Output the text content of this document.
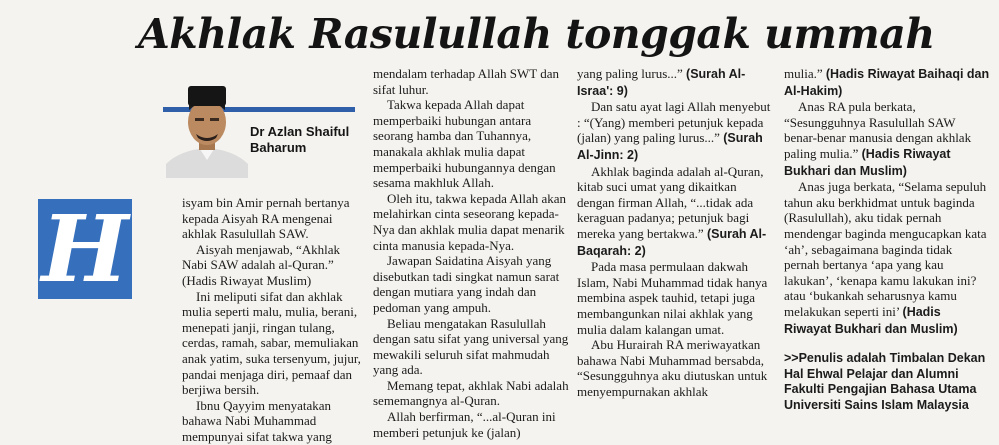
Akhlak Rasulullah tonggak ummah
Dr Azlan Shaiful
Baharum
H	isyam bin Amir pernah bertanya kepada Aisyah RA mengenai akhlak Rasulullah SAW.

Aisyah menjawab, “Akhlak Nabi SAW adalah al-Quran.” (Hadis Riwayat Muslim)

Ini meliputi sifat dan akhlak mulia seperti malu, mulia, berani, menepati janji, ringan tulang, cerdas, ramah, sabar, memuliakan anak yatim, suka tersenyum, jujur, pandai menjaga diri, pemaaf dan berjiwa bersih.

Ibnu Qayyim menyatakan bahawa Nabi Muhammad mempunyai sifat takwa yang

mendalam terhadap Allah SWT dan sifat luhur.

Takwa kepada Allah dapat memperbaiki hubungan antara seorang hamba dan Tuhannya, manakala akhlak mulia dapat memperbaiki hubungannya dengan sesama makhluk Allah.

Oleh itu, takwa kepada Allah akan melahirkan cinta seseorang kepada-Nya dan akhlak mulia dapat menarik cinta manusia kepada-Nya.

Jawapan Saidatina Aisyah yang disebutkan tadi singkat namun sarat dengan mutiara yang indah dan pedoman yang ampuh.

Beliau mengatakan Rasulullah dengan satu sifat yang universal yang mewakili seluruh sifat mahmudah yang ada.

Memang tepat, akhlak Nabi adalah sememangnya al-Quran.

Allah berfirman, “...al-Quran ini memberi petunjuk ke (jalan)

yang paling lurus...” (Surah Al-Israa': 9)

Dan satu ayat lagi Allah menyebut : “(Yang) memberi petunjuk kepada (jalan) yang paling lurus...” (Surah Al-Jinn: 2)

Akhlak baginda adalah al-Quran, kitab suci umat yang dikaitkan dengan firman Allah, “...tidak ada keraguan padanya; petunjuk bagi mereka yang bertakwa.” (Surah Al-Baqarah: 2)

Pada masa permulaan dakwah Islam, Nabi Muhammad tidak hanya membina aspek tauhid, tetapi juga membangunkan nilai akhlak yang mulia dalam kalangan umat.

Abu Hurairah RA meriwayatkan bahawa Nabi Muhammad bersabda, “Sesungguhnya aku diutuskan untuk menyempurnakan akhlak

mulia.” (Hadis Riwayat Baihaqi dan Al-Hakim)

Anas RA pula berkata, “Sesungguhnya Rasulullah SAW benar-benar manusia dengan akhlak paling mulia.” (Hadis Riwayat Bukhari dan Muslim)

Anas juga berkata, “Selama sepuluh tahun aku berkhidmat untuk baginda (Rasulullah), aku tidak pernah mendengar baginda mengucapkan kata ‘ah’, sebagaimana baginda tidak pernah bertanya ‘apa yang kau lakukan’, ‘kenapa kamu lakukan ini? atau ‘bukankah seharusnya kamu melakukan seperti ini’ (Hadis Riwayat Bukhari dan Muslim)

>>Penulis adalah Timbalan Dekan Hal Ehwal Pelajar dan Alumni Fakulti Pengajian Bahasa Utama Universiti Sains Islam Malaysia
